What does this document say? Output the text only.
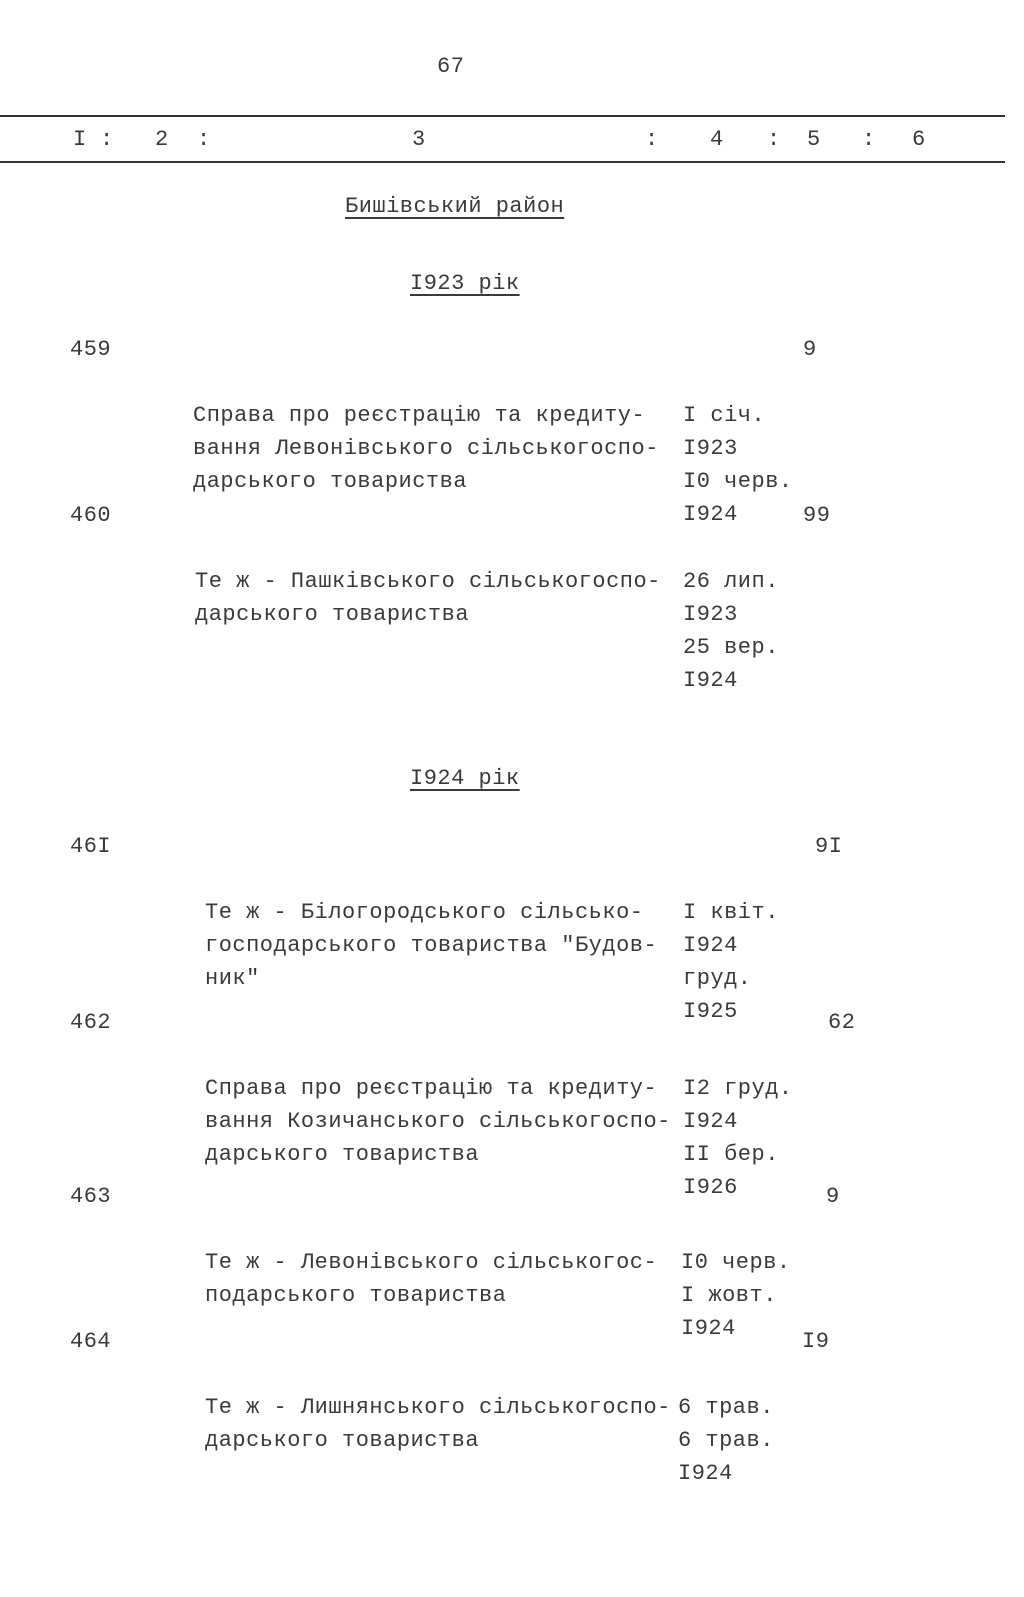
67
I : 2 :	3	: 4 : 5 : 6
Бишівський район
I923 рік
459

Справа про реєстрацію та кредиту-
вання Левонівського сільськогоспо-
дарського товариства

I січ.
I923
I0 черв.
I924

9
460

Те ж - Пашківського сільськогоспо-
дарського товариства

26 лип.
I923
25 вер.
I924

99
I924 рік
46I

Те ж - Білогородського сільсько-
господарського товариства "Будов-
ник"

I квіт.
I924
груд.
I925

9I
462

Справа про реєстрацію та кредиту-
вання Козичанського сільськогоспо-
дарського товариства

I2 груд.
I924
II бер.
I926

62
463

Те ж - Левонівського сільськогос-
подарського товариства

I0 черв.
I жовт.
I924

9
464

Те ж - Лишнянського сільськогоспо-
дарського товариства

6 трав.
6 трав.
I924

I9
